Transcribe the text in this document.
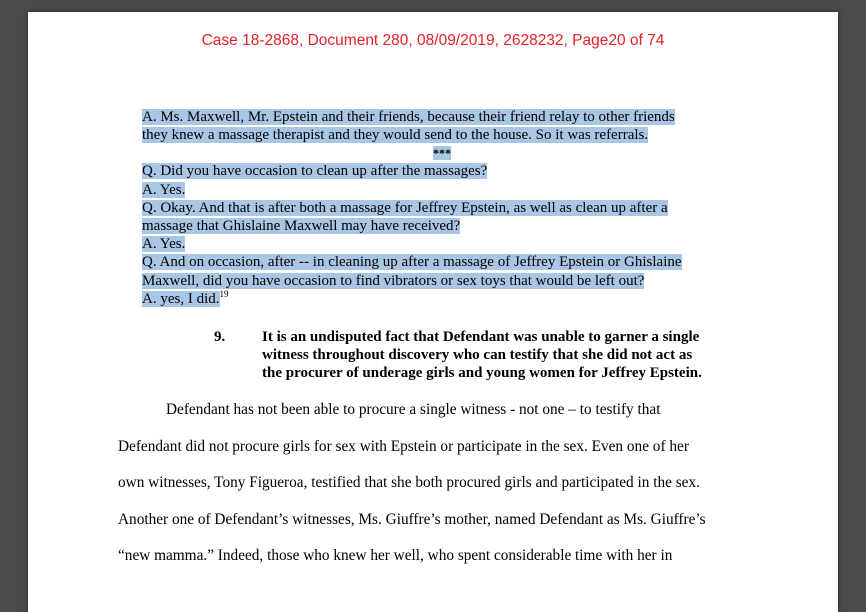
Case 18-2868, Document 280, 08/09/2019, 2628232, Page20 of 74
A. Ms. Maxwell, Mr. Epstein and their friends, because their friend relay to other friends
they knew a massage therapist and they would send to the house. So it was referrals.
***
Q. Did you have occasion to clean up after the massages?
A. Yes.
Q. Okay. And that is after both a massage for Jeffrey Epstein, as well as clean up after a
massage that Ghislaine Maxwell may have received?
A. Yes.
Q. And on occasion, after -- in cleaning up after a massage of Jeffrey Epstein or Ghislaine
Maxwell, did you have occasion to find vibrators or sex toys that would be left out?
A. yes, I did.$^{19}$
9. It is an undisputed fact that Defendant was unable to garner a single
witness throughout discovery who can testify that she did not act as
the procurer of underage girls and young women for Jeffrey Epstein.
Defendant has not been able to procure a single witness - not one – to testify that
Defendant did not procure girls for sex with Epstein or participate in the sex. Even one of her
own witnesses, Tony Figueroa, testified that she both procured girls and participated in the sex.
Another one of Defendant’s witnesses, Ms. Giuffre’s mother, named Defendant as Ms. Giuffre’s
“new mamma.” Indeed, those who knew her well, who spent considerable time with her in
